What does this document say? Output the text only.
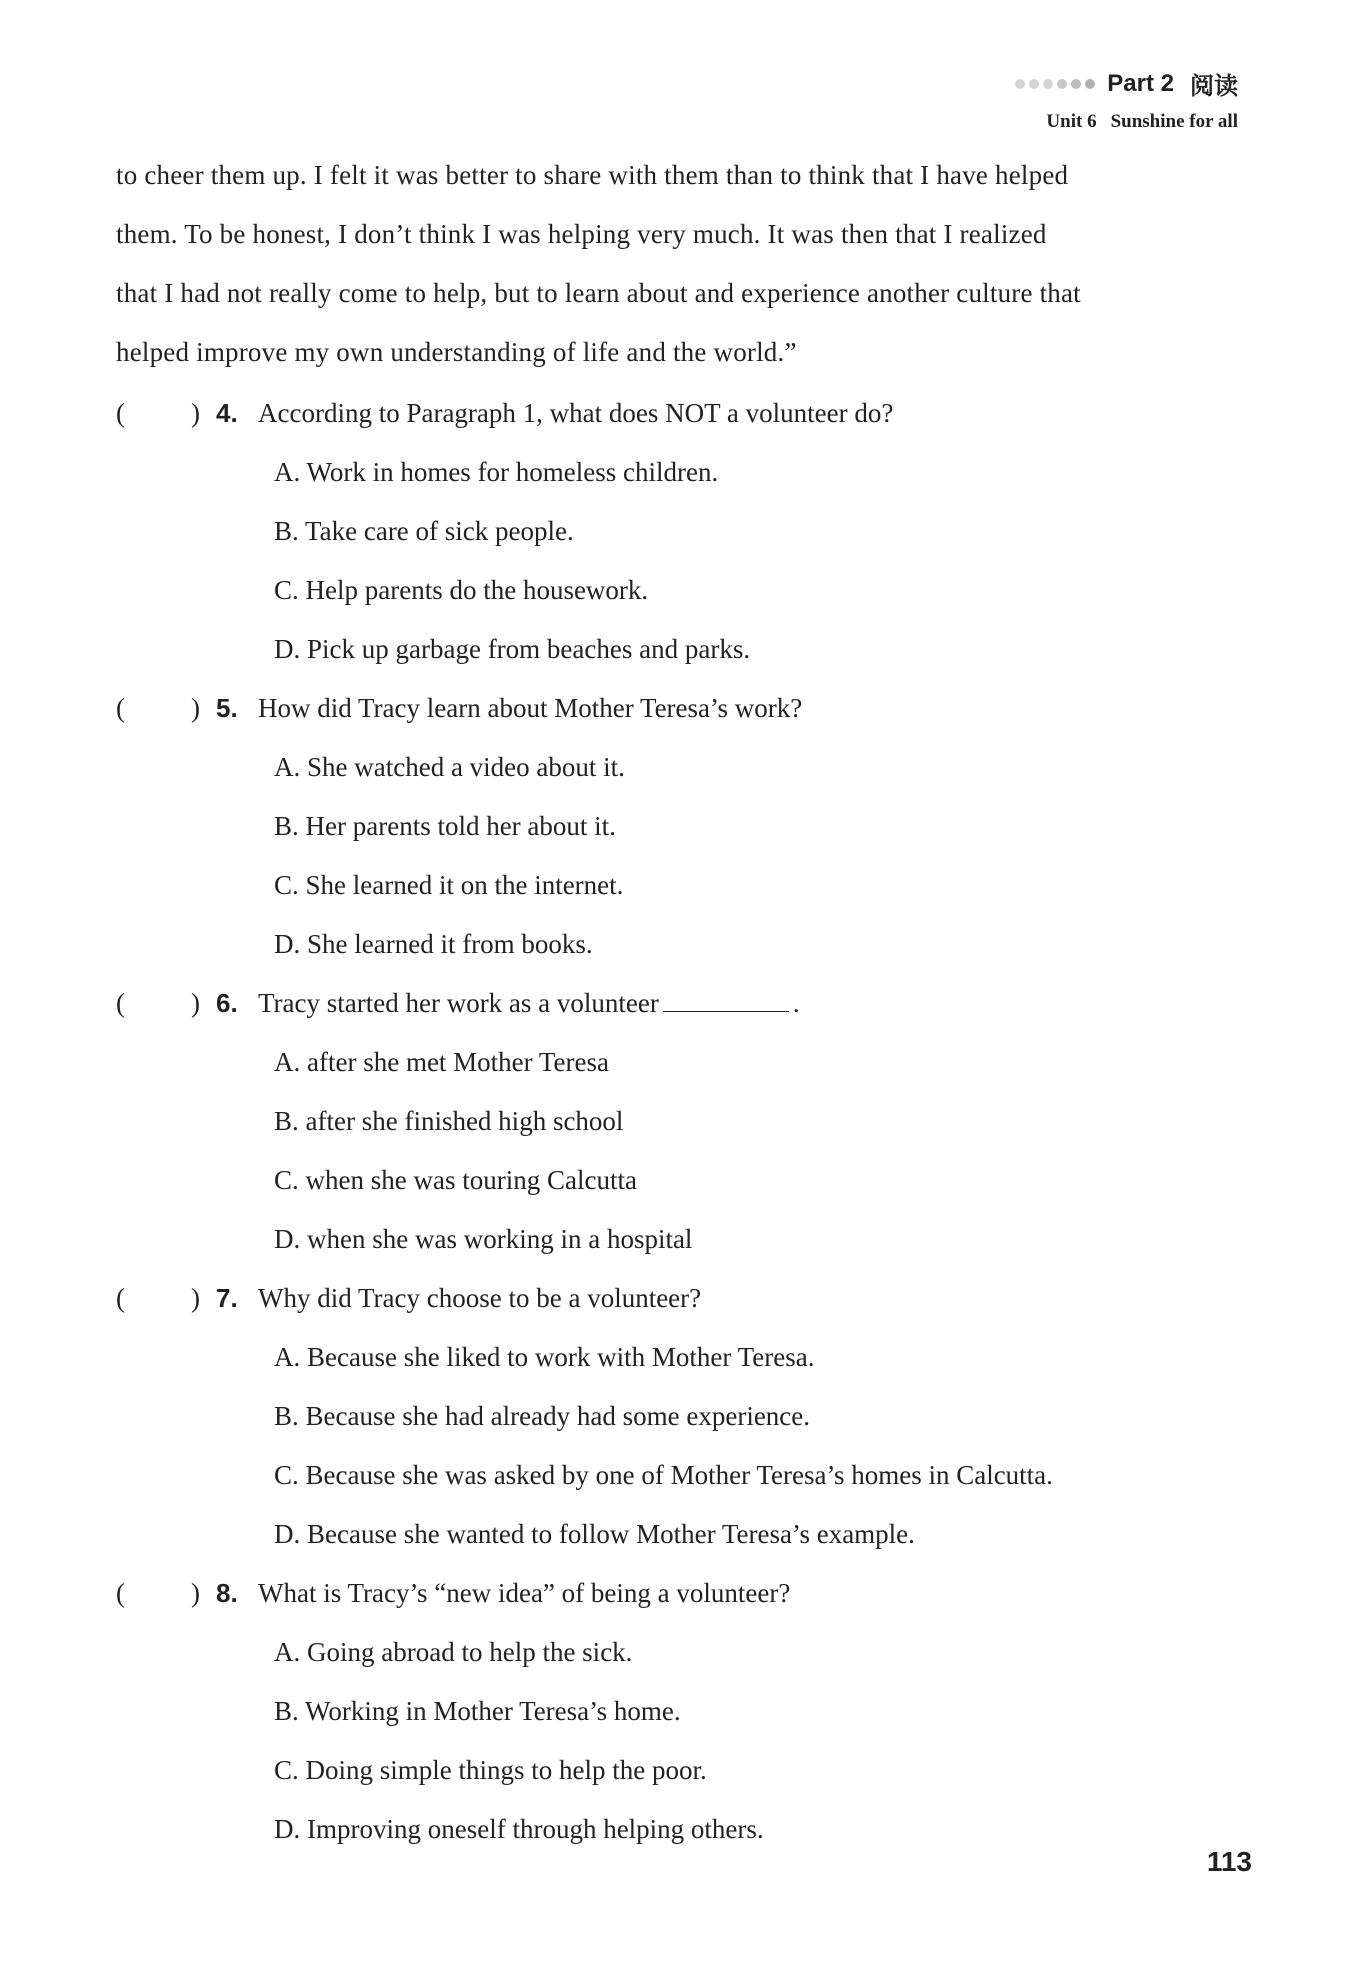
Part 2 阅读
Unit 6 Sunshine for all
to cheer them up. I felt it was better to share with them than to think that I have helped
them. To be honest, I don’t think I was helping very much. It was then that I realized
that I had not really come to help, but to learn about and experience another culture that
helped improve my own understanding of life and the world.”
( ) 4. According to Paragraph 1, what does NOT a volunteer do?
A. Work in homes for homeless children.
B. Take care of sick people.
C. Help parents do the housework.
D. Pick up garbage from beaches and parks.
( ) 5. How did Tracy learn about Mother Teresa’s work?
A. She watched a video about it.
B. Her parents told her about it.
C. She learned it on the internet.
D. She learned it from books.
( ) 6. Tracy started her work as a volunteer	.
A. after she met Mother Teresa
B. after she finished high school
C. when she was touring Calcutta
D. when she was working in a hospital
( ) 7. Why did Tracy choose to be a volunteer?
A. Because she liked to work with Mother Teresa.
B. Because she had already had some experience.
C. Because she was asked by one of Mother Teresa’s homes in Calcutta.
D. Because she wanted to follow Mother Teresa’s example.
( ) 8. What is Tracy’s “new idea” of being a volunteer?
A. Going abroad to help the sick.
B. Working in Mother Teresa’s home.
C. Doing simple things to help the poor.
D. Improving oneself through helping others.
113
